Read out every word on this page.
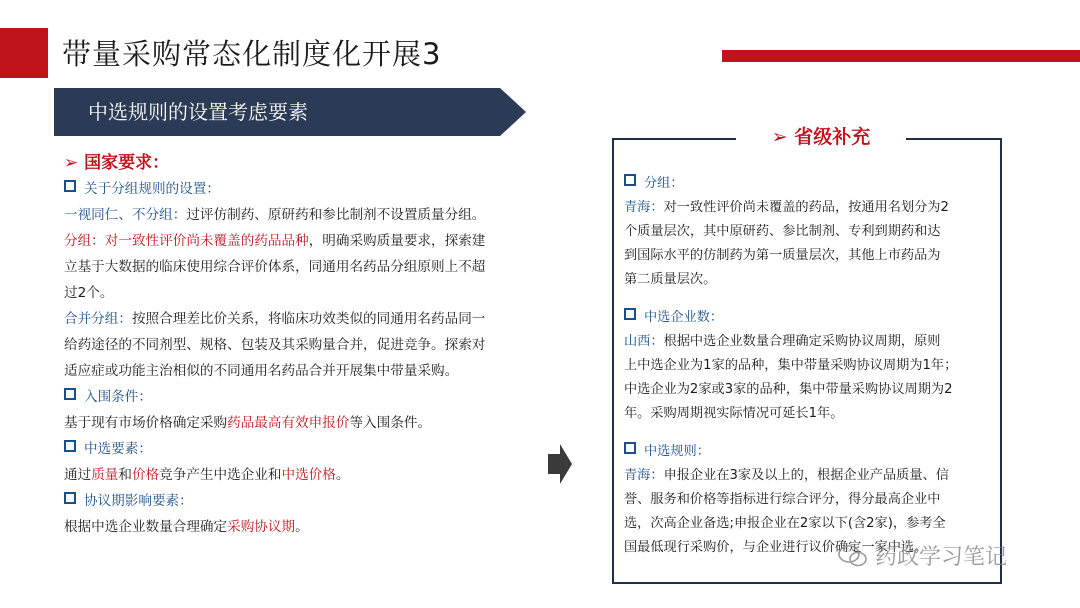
带量采购常态化制度化开展3
中选规则的设置考虑要素
➢ 国家要求：
关于分组规则的设置：
一视同仁、不分组：过评仿制药、原研药和参比制剂不设置质量分组。
分组：对一致性评价尚未覆盖的药品品种，明确采购质量要求，探索建
立基于大数据的临床使用综合评价体系，同通用名药品分组原则上不超
过2个。
合并分组：按照合理差比价关系，将临床功效类似的同通用名药品同一
给药途径的不同剂型、规格、包装及其采购量合并，促进竞争。探索对
适应症或功能主治相似的不同通用名药品合并开展集中带量采购。
入围条件：
基于现有市场价格确定采购药品最高有效申报价等入围条件。
中选要素：
通过质量和价格竞争产生中选企业和中选价格。
协议期影响要素：
根据中选企业数量合理确定采购协议期。
➢ 省级补充
分组：
青海：对一致性评价尚未覆盖的药品，按通用名划分为2
个质量层次，其中原研药、参比制剂、专利到期药和达
到国际水平的仿制药为第一质量层次，其他上市药品为
第二质量层次。
中选企业数：
山西：根据中选企业数量合理确定采购协议周期，原则
上中选企业为1家的品种，集中带量采购协议周期为1年；
中选企业为2家或3家的品种，集中带量采购协议周期为2
年。采购周期视实际情况可延长1年。
中选规则：
青海：申报企业在3家及以上的，根据企业产品质量、信
誉、服务和价格等指标进行综合评分，得分最高企业中
选，次高企业备选;申报企业在2家以下(含2家)，参考全
国最低现行采购价，与企业进行议价确定一家中选。
药政学习笔记
